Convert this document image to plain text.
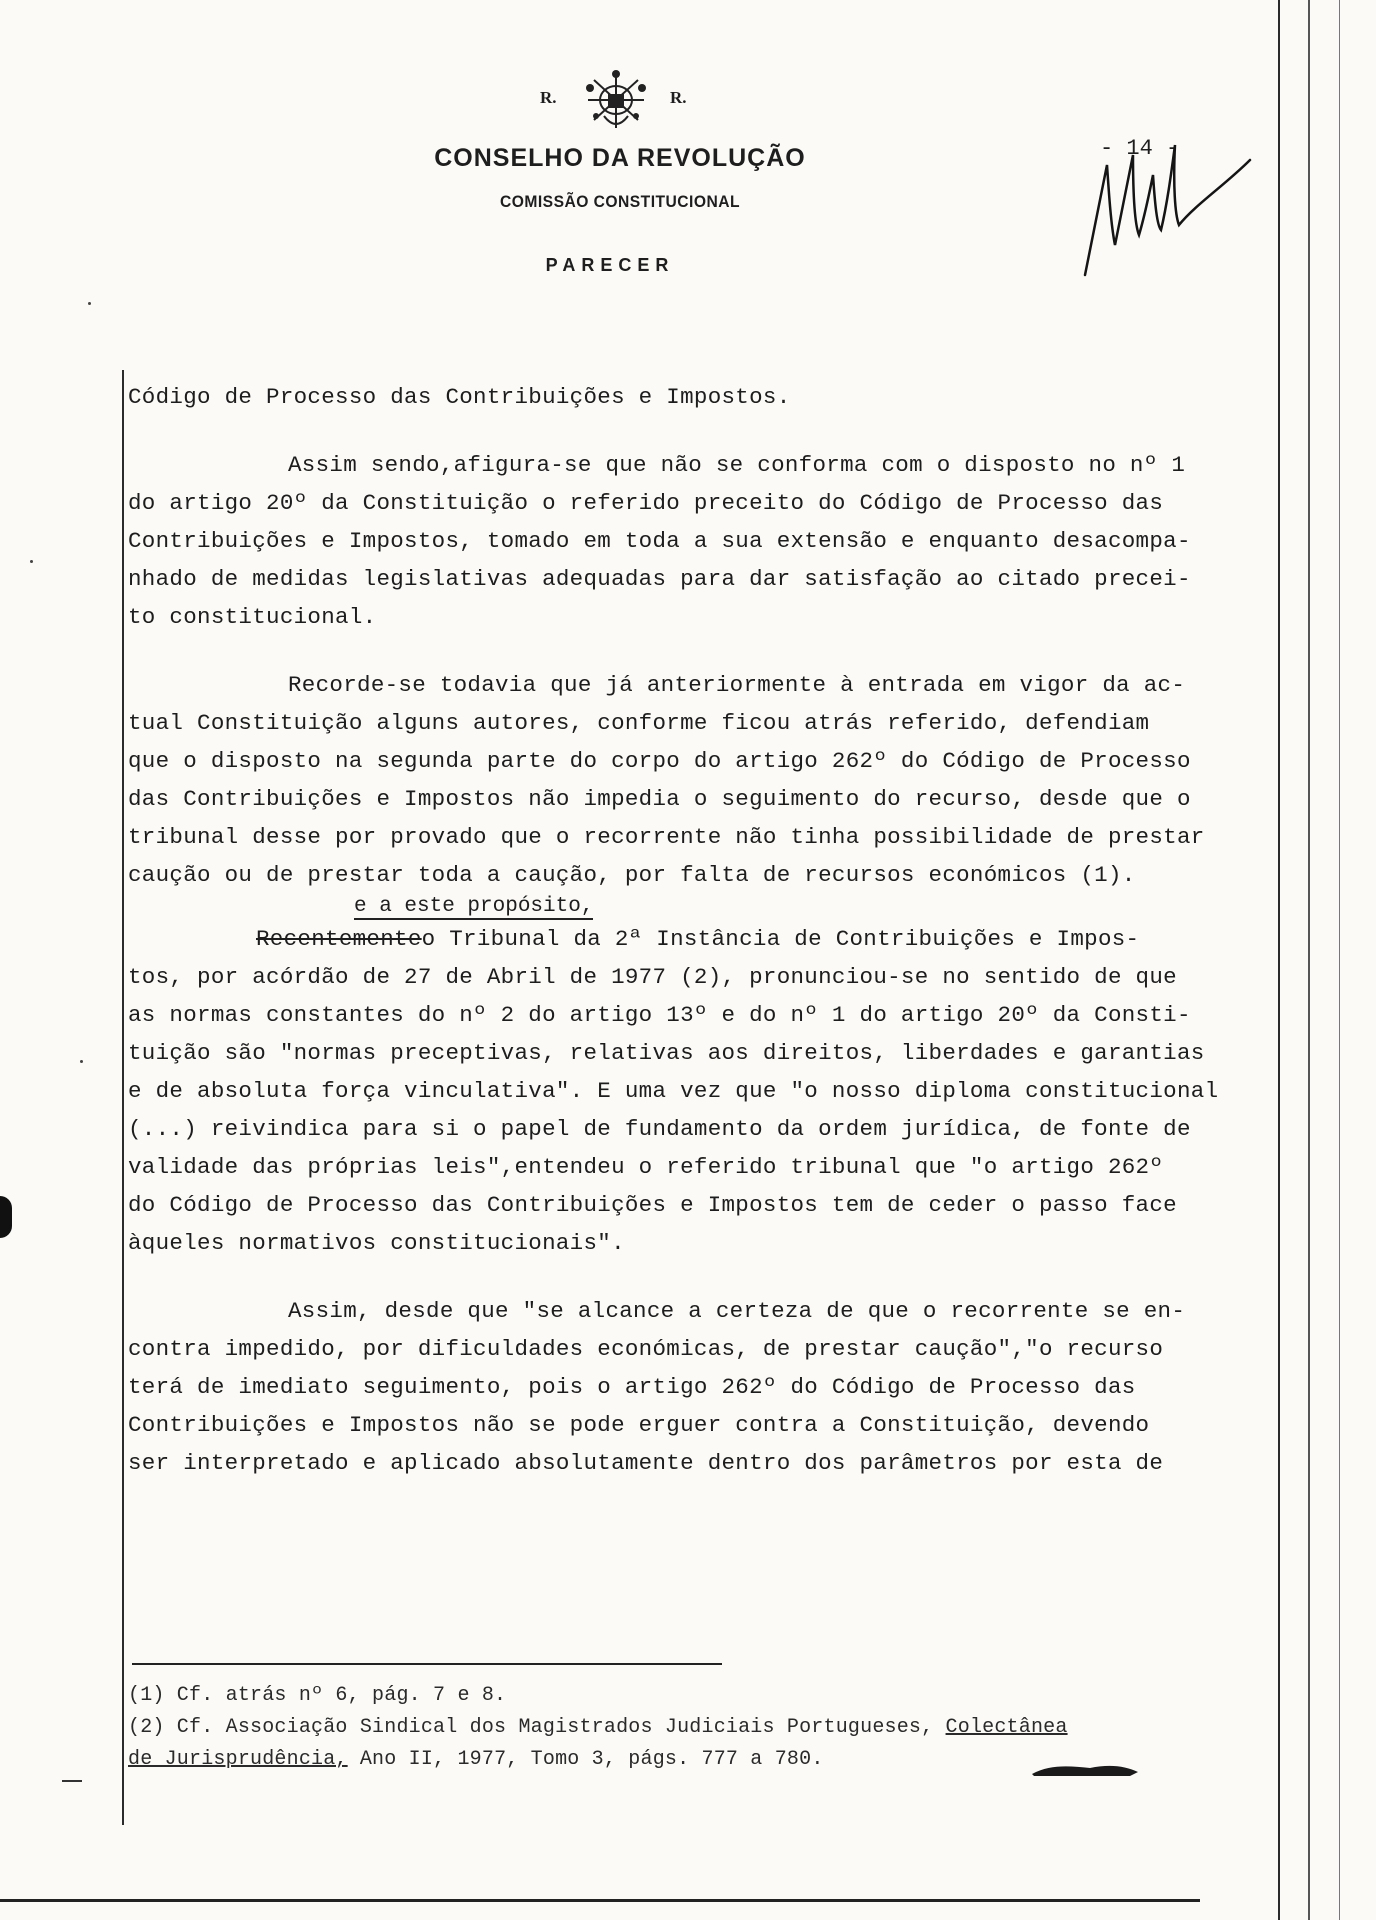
R.	R.
CONSELHO DA REVOLUÇÃO
COMISSÃO CONSTITUCIONAL
PARECER
- 14 -
Código de Processo das Contribuições e Impostos.
Assim sendo,afigura-se que não se conforma com o disposto no nº 1
do artigo 20º da Constituição o referido preceito do Código de Processo das
Contribuições e Impostos, tomado em toda a sua extensão e enquanto desacompa-
nhado de medidas legislativas adequadas para dar satisfação ao citado precei-
to constitucional.
Recorde-se todavia que já anteriormente à entrada em vigor da ac-
tual Constituição alguns autores, conforme ficou atrás referido, defendiam
que o disposto na segunda parte do corpo do artigo 262º do Código de Processo
das Contribuições e Impostos não impedia o seguimento do recurso, desde que o
tribunal desse por provado que o recorrente não tinha possibilidade de prestar
caução ou de prestar toda a caução, por falta de recursos económicos (1).
e a este propósito,
Recentementeo Tribunal da 2ª Instância de Contribuições e Impos-
tos, por acórdão de 27 de Abril de 1977 (2), pronunciou-se no sentido de que
as normas constantes do nº 2 do artigo 13º e do nº 1 do artigo 20º da Consti-
tuição são "normas preceptivas, relativas aos direitos, liberdades e garantias
e de absoluta força vinculativa". E uma vez que "o nosso diploma constitucional
(...) reivindica para si o papel de fundamento da ordem jurídica, de fonte de
validade das próprias leis",entendeu o referido tribunal que "o artigo 262º
do Código de Processo das Contribuições e Impostos tem de ceder o passo face
àqueles normativos constitucionais".
Assim, desde que "se alcance a certeza de que o recorrente se en-
contra impedido, por dificuldades económicas, de prestar caução","o recurso
terá de imediato seguimento, pois o artigo 262º do Código de Processo das
Contribuições e Impostos não se pode erguer contra a Constituição, devendo
ser interpretado e aplicado absolutamente dentro dos parâmetros por esta de
(1) Cf. atrás nº 6, pág. 7 e 8.
(2) Cf. Associação Sindical dos Magistrados Judiciais Portugueses, Colectânea
de Jurisprudência, Ano II, 1977, Tomo 3, págs. 777 a 780.
